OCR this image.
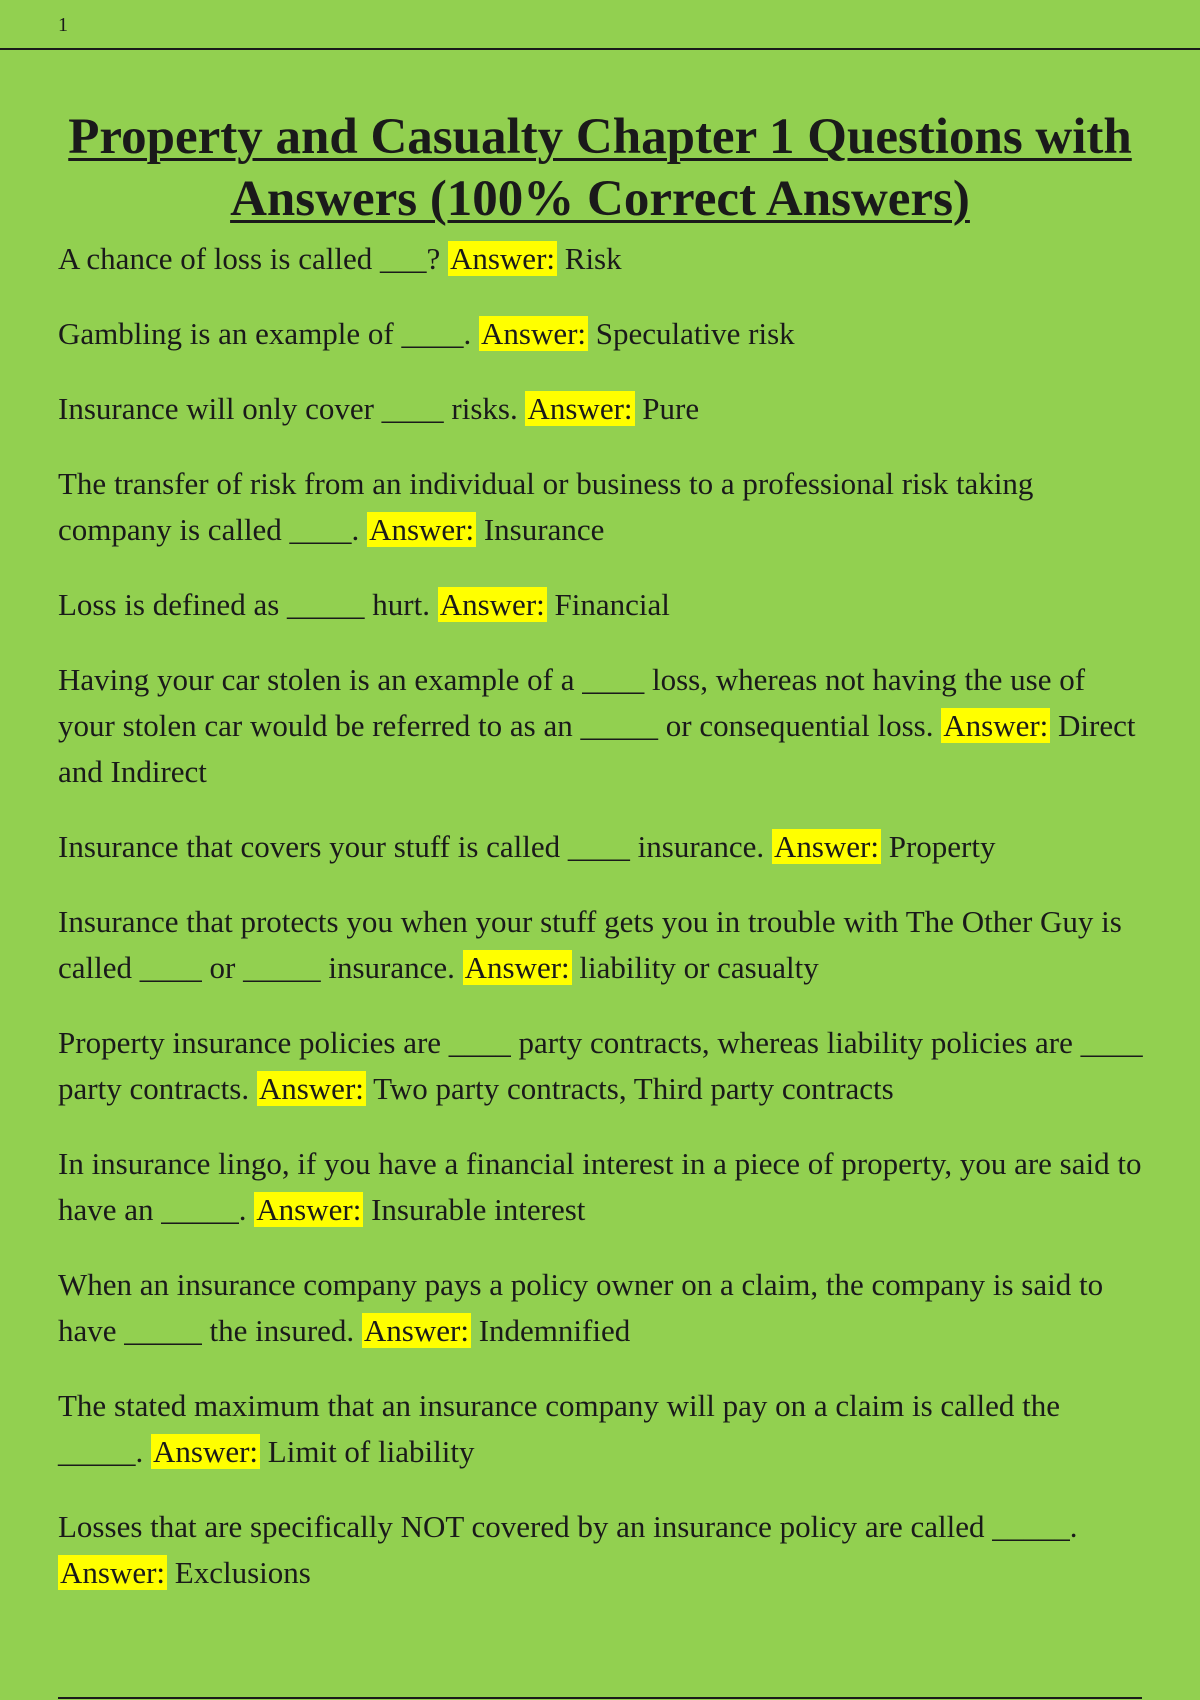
1
Property and Casualty Chapter 1 Questions with Answers (100% Correct Answers)

A chance of loss is called ___? Answer: Risk

Gambling is an example of ____. Answer: Speculative risk

Insurance will only cover ____ risks. Answer: Pure

The transfer of risk from an individual or business to a professional risk taking company is called ____. Answer: Insurance

Loss is defined as _____ hurt. Answer: Financial

Having your car stolen is an example of a ____ loss, whereas not having the use of your stolen car would be referred to as an _____ or consequential loss. Answer: Direct and Indirect

Insurance that covers your stuff is called ____ insurance. Answer: Property

Insurance that protects you when your stuff gets you in trouble with The Other Guy is called ____ or _____ insurance. Answer: liability or casualty

Property insurance policies are ____ party contracts, whereas liability policies are ____ party contracts. Answer: Two party contracts, Third party contracts

In insurance lingo, if you have a financial interest in a piece of property, you are said to have an _____. Answer: Insurable interest

When an insurance company pays a policy owner on a claim, the company is said to have _____ the insured. Answer: Indemnified

The stated maximum that an insurance company will pay on a claim is called the _____. Answer: Limit of liability

Losses that are specifically NOT covered by an insurance policy are called _____. Answer: Exclusions
